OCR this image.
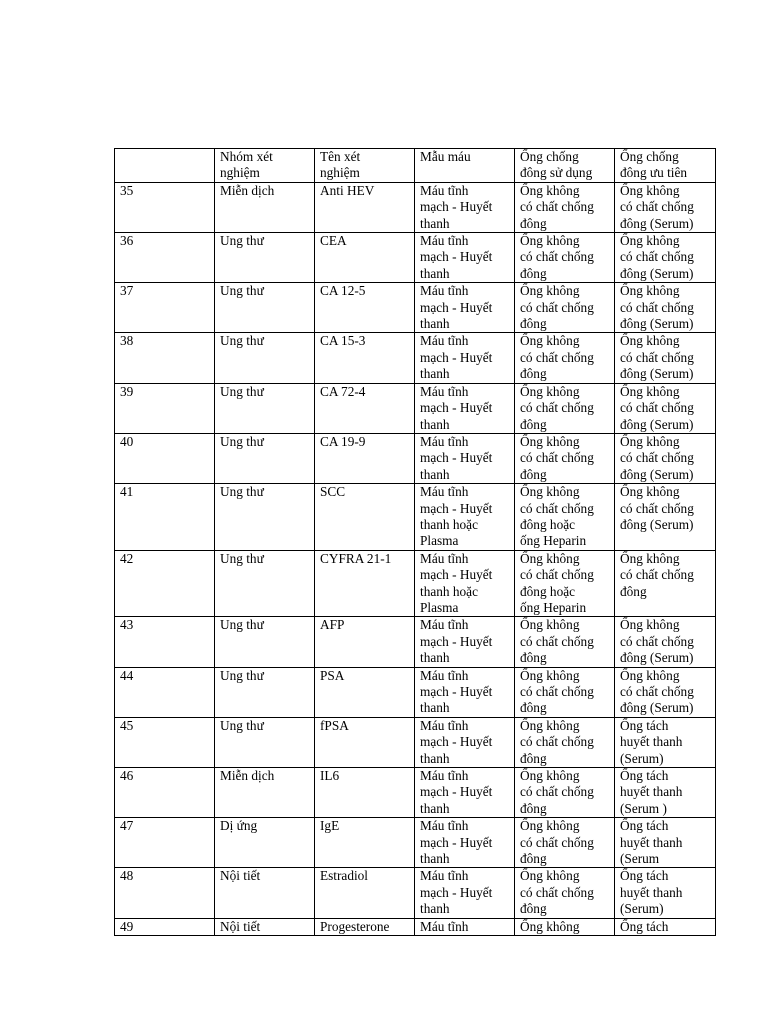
	Nhóm xét
nghiệm	Tên xét
nghiệm	Mẫu máu	Ống chống
đông sử dụng	Ống chống
đông ưu tiên
35	Miễn dịch	Anti HEV	Máu tĩnh
mạch - Huyết
thanh	Ống không
có chất chống
đông	Ống không
có chất chống
đông (Serum)
36	Ung thư	CEA	Máu tĩnh
mạch - Huyết
thanh	Ống không
có chất chống
đông	Ống không
có chất chống
đông (Serum)
37	Ung thư	CA 12-5	Máu tĩnh
mạch - Huyết
thanh	Ống không
có chất chống
đông	Ống không
có chất chống
đông (Serum)
38	Ung thư	CA 15-3	Máu tĩnh
mạch - Huyết
thanh	Ống không
có chất chống
đông	Ống không
có chất chống
đông (Serum)
39	Ung thư	CA 72-4	Máu tĩnh
mạch - Huyết
thanh	Ống không
có chất chống
đông	Ống không
có chất chống
đông (Serum)
40	Ung thư	CA 19-9	Máu tĩnh
mạch - Huyết
thanh	Ống không
có chất chống
đông	Ống không
có chất chống
đông (Serum)
41	Ung thư	SCC	Máu tĩnh
mạch - Huyết
thanh hoặc
Plasma	Ống không
có chất chống
đông hoặc
ống Heparin	Ống không
có chất chống
đông (Serum)
42	Ung thư	CYFRA 21-1	Máu tĩnh
mạch - Huyết
thanh hoặc
Plasma	Ống không
có chất chống
đông hoặc
ống Heparin	Ống không
có chất chống
đông
43	Ung thư	AFP	Máu tĩnh
mạch - Huyết
thanh	Ống không
có chất chống
đông	Ống không
có chất chống
đông (Serum)
44	Ung thư	PSA	Máu tĩnh
mạch - Huyết
thanh	Ống không
có chất chống
đông	Ống không
có chất chống
đông (Serum)
45	Ung thư	fPSA	Máu tĩnh
mạch - Huyết
thanh	Ống không
có chất chống
đông	Ống tách
huyết thanh
(Serum)
46	Miễn dịch	IL6	Máu tĩnh
mạch - Huyết
thanh	Ống không
có chất chống
đông	Ống tách
huyết thanh
(Serum )
47	Dị ứng	IgE	Máu tĩnh
mạch - Huyết
thanh	Ống không
có chất chống
đông	Ống tách
huyết thanh
(Serum
48	Nội tiết	Estradiol	Máu tĩnh
mạch - Huyết
thanh	Ống không
có chất chống
đông	Ống tách
huyết thanh
(Serum)
49	Nội tiết	Progesterone	Máu tĩnh	Ống không	Ống tách
